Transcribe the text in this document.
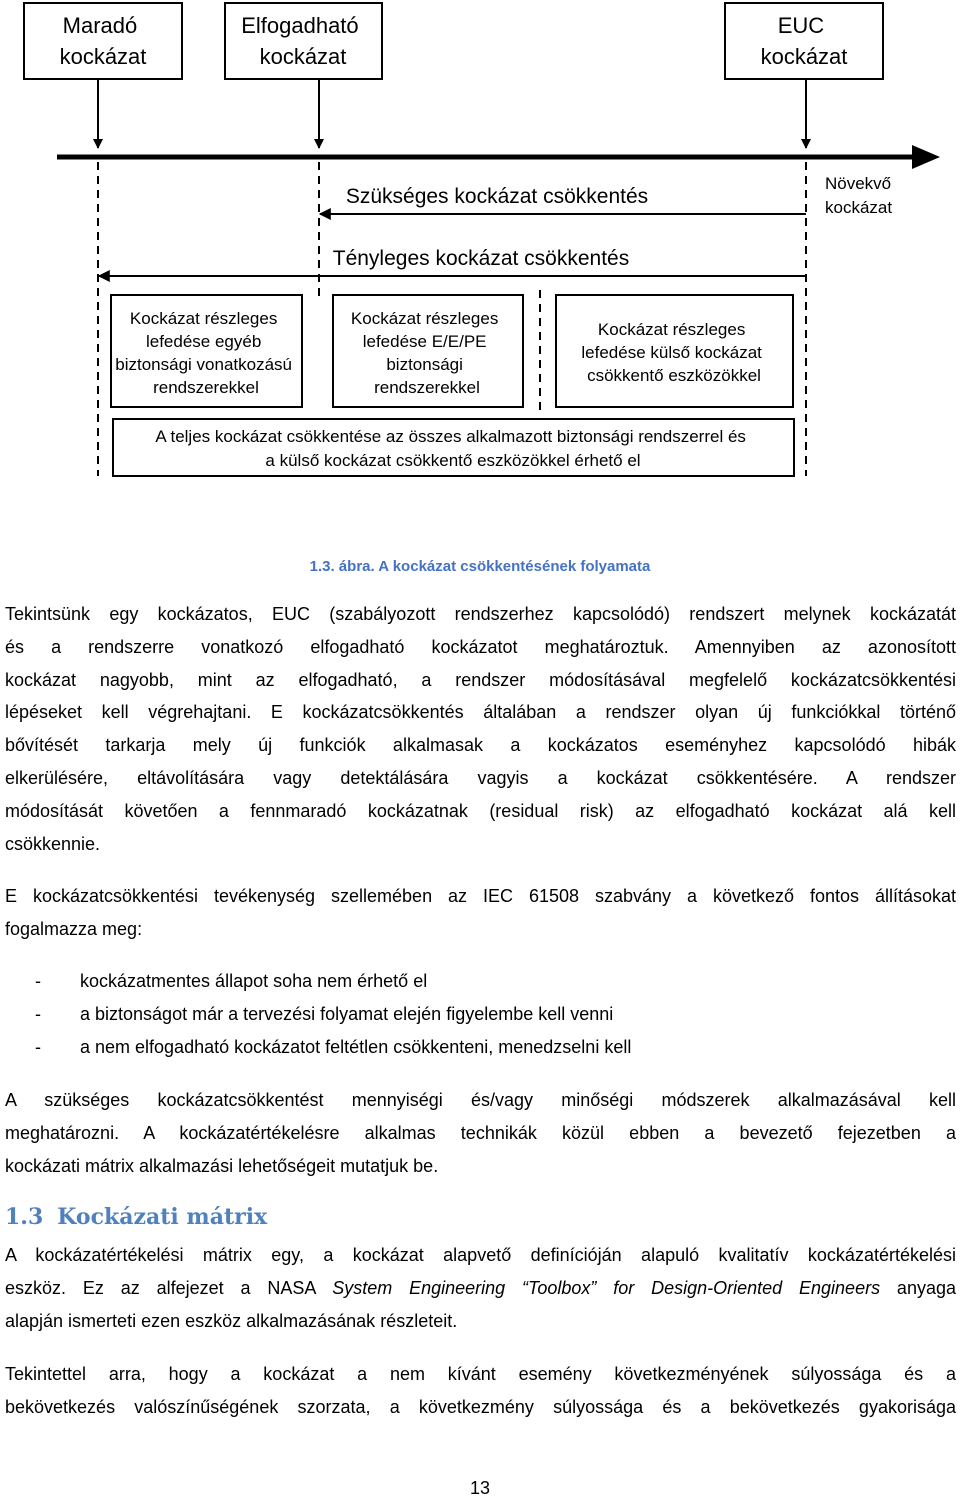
Maradó kockázat
Elfogadható kockázat
EUC kockázat
Növekvő kockázat
Szükséges kockázat csökkentés
Tényleges kockázat csökkentés
Kockázat részleges lefedése egyéb biztonsági vonatkozású rendszerekkel
Kockázat részleges lefedése E/E/PE biztonsági rendszerekkel
Kockázat részleges lefedése külső kockázat csökkentő eszközökkel
A teljes kockázat csökkentése az összes alkalmazott biztonsági rendszerrel és a külső kockázat csökkentő eszközökkel érhető el
1.3. ábra. A kockázat csökkentésének folyamata
Tekintsünk egy kockázatos, EUC (szabályozott rendszerhez kapcsolódó) rendszert melynek kockázatát
és a rendszerre vonatkozó elfogadható kockázatot meghatároztuk. Amennyiben az azonosított
kockázat nagyobb, mint az elfogadható, a rendszer módosításával megfelelő kockázatcsökkentési
lépéseket kell végrehajtani. E kockázatcsökkentés általában a rendszer olyan új funkciókkal történő
bővítését tarkarja mely új funkciók alkalmasak a kockázatos eseményhez kapcsolódó hibák
elkerülésére, eltávolítására vagy detektálására vagyis a kockázat csökkentésére. A rendszer
módosítását követően a fennmaradó kockázatnak (residual risk) az elfogadható kockázat alá kell
csökkennie.
E kockázatcsökkentési tevékenység szellemében az IEC 61508 szabvány a következő fontos állításokat
fogalmazza meg:
- kockázatmentes állapot soha nem érhető el
- a biztonságot már a tervezési folyamat elején figyelembe kell venni
- a nem elfogadható kockázatot feltétlen csökkenteni, menedzselni kell
A szükséges kockázatcsökkentést mennyiségi és/vagy minőségi módszerek alkalmazásával kell
meghatározni. A kockázatértékelésre alkalmas technikák közül ebben a bevezető fejezetben a
kockázati mátrix alkalmazási lehetőségeit mutatjuk be.
1.3 Kockázati mátrix
A kockázatértékelési mátrix egy, a kockázat alapvető definícióján alapuló kvalitatív kockázatértékelési
eszköz. Ez az alfejezet a NASA System Engineering “Toolbox” for Design-Oriented Engineers anyaga
alapján ismerteti ezen eszköz alkalmazásának részleteit.
Tekintettel arra, hogy a kockázat a nem kívánt esemény következményének súlyossága és a
bekövetkezés valószínűségének szorzata, a következmény súlyossága és a bekövetkezés gyakorisága
13
